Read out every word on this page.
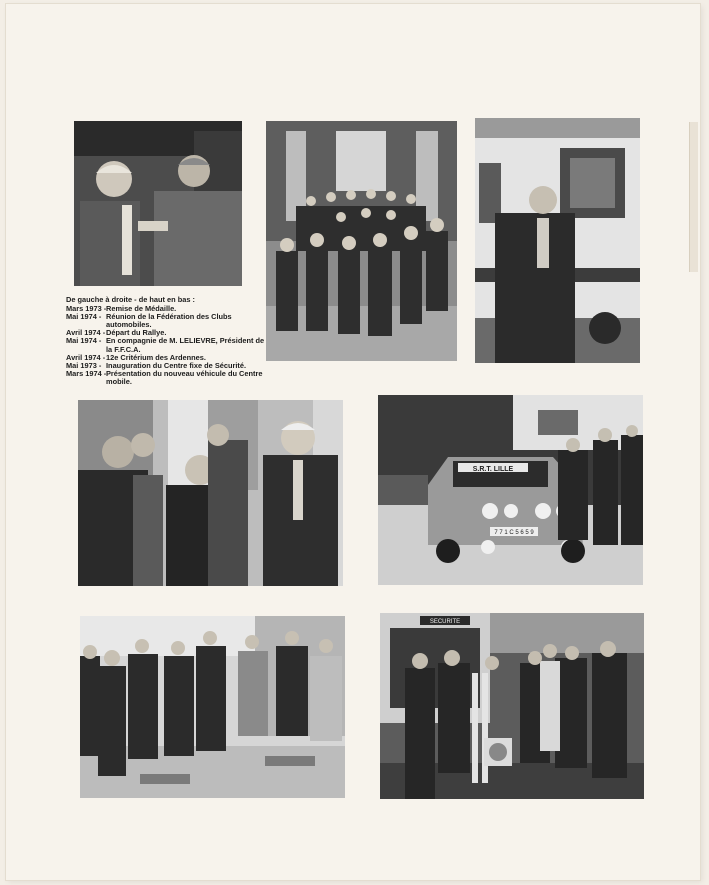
De gauche à droite - de haut en bas :
Mars 1973 - Remise de Médaille.
Mai 1974 - Réunion de la Fédération des Clubs automobiles.
Avril 1974 - Départ du Rallye.
Mai 1974 - En compagnie de M. LELIEVRE, Président de la F.F.C.A.
Avril 1974 - 12e Critérium des Ardennes.
Mai 1973 - Inauguration du Centre fixe de Sécurité.
Mars 1974 - Présentation du nouveau véhicule du Centre mobile.
S.R.T. LILLE
7 7 1 C 5 6 5 9
SECURITE
